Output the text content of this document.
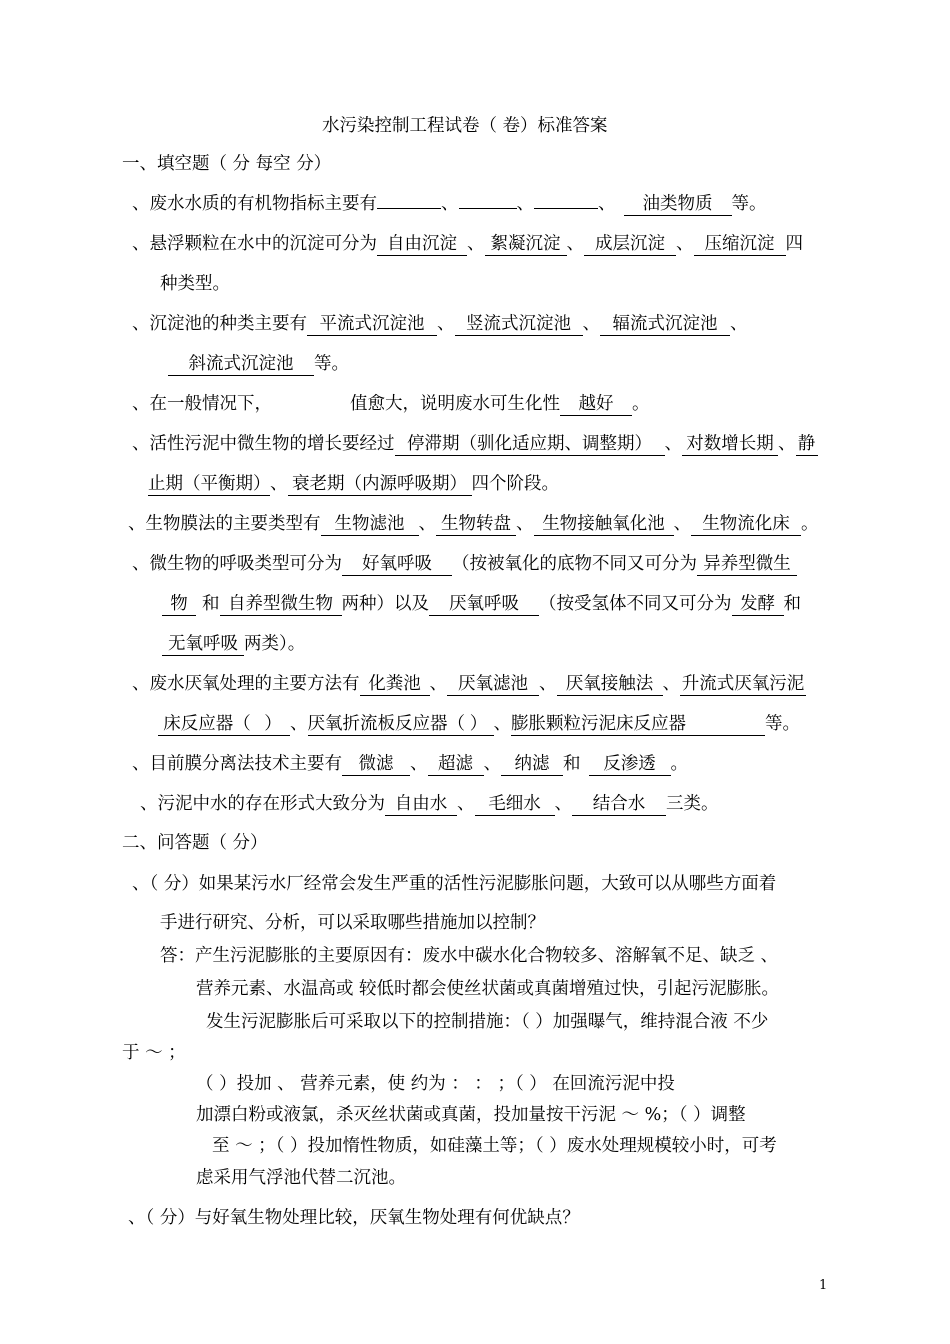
水污染控制工程试卷（ 卷）标准答案
一、填空题（ 分 每空 分）
、废水水质的有机物指标主要有	、	、	、 油类物质 等。
、悬浮颗粒在水中的沉淀可分为 自由沉淀 、 絮凝沉淀 、 成层沉淀 、 压缩沉淀 四
种类型。
、沉淀池的种类主要有 平流式沉淀池 、 竖流式沉淀池 、 辐流式沉淀池 、
斜流式沉淀池 等。
、在一般情况下，	值愈大，说明废水可生化性 越好 。
、活性污泥中微生物的增长要经过 停滞期（驯化适应期、调整期） 、 对数增长期 、 静
止期（平衡期）、 衰老期（内源呼吸期） 四个阶段。
、生物膜法的主要类型有 生物滤池 、 生物转盘 、 生物接触氧化池 、 生物流化床 。
、微生物的呼吸类型可分为 好氧呼吸 （按被氧化的底物不同又可分为 异养型微生
物 和 自养型微生物 两种）以及 厌氧呼吸 （按受氢体不同又可分为 发酵 和
无氧呼吸 两类）。
、废水厌氧处理的主要方法有 化粪池 、 厌氧滤池 、 厌氧接触法 、 升流式厌氧污泥
床反应器（ ） 、厌氧折流板反应器（ ） 、膨胀颗粒污泥床反应器	等。
、目前膜分离法技术主要有 微滤 、 超滤 、 纳滤 和 反渗透 。
、污泥中水的存在形式大致分为 自由水 、 毛细水 、 结合水 三类。
二、问答题（ 分）
、（ 分）如果某污水厂经常会发生严重的活性污泥膨胀问题，大致可以从哪些方面着
手进行研究、分析，可以采取哪些措施加以控制？
答：产生污泥膨胀的主要原因有：废水中碳水化合物较多、溶解氧不足、缺乏 、
营养元素、水温高或 较低时都会使丝状菌或真菌增殖过快，引起污泥膨胀。
发生污泥膨胀后可采取以下的控制措施：（ ）加强曝气，维持混合液 不少
于 ～ ；
（ ）投加 、 营养元素，使 约为 ： ： ；（ ） 在回流污泥中投
加漂白粉或液氯，杀灭丝状菌或真菌，投加量按干污泥 ～ %；（ ）调整
至 ～ ；（ ）投加惰性物质，如硅藻土等；（ ）废水处理规模较小时，可考
虑采用气浮池代替二沉池。
、（ 分）与好氧生物处理比较，厌氧生物处理有何优缺点？
1
